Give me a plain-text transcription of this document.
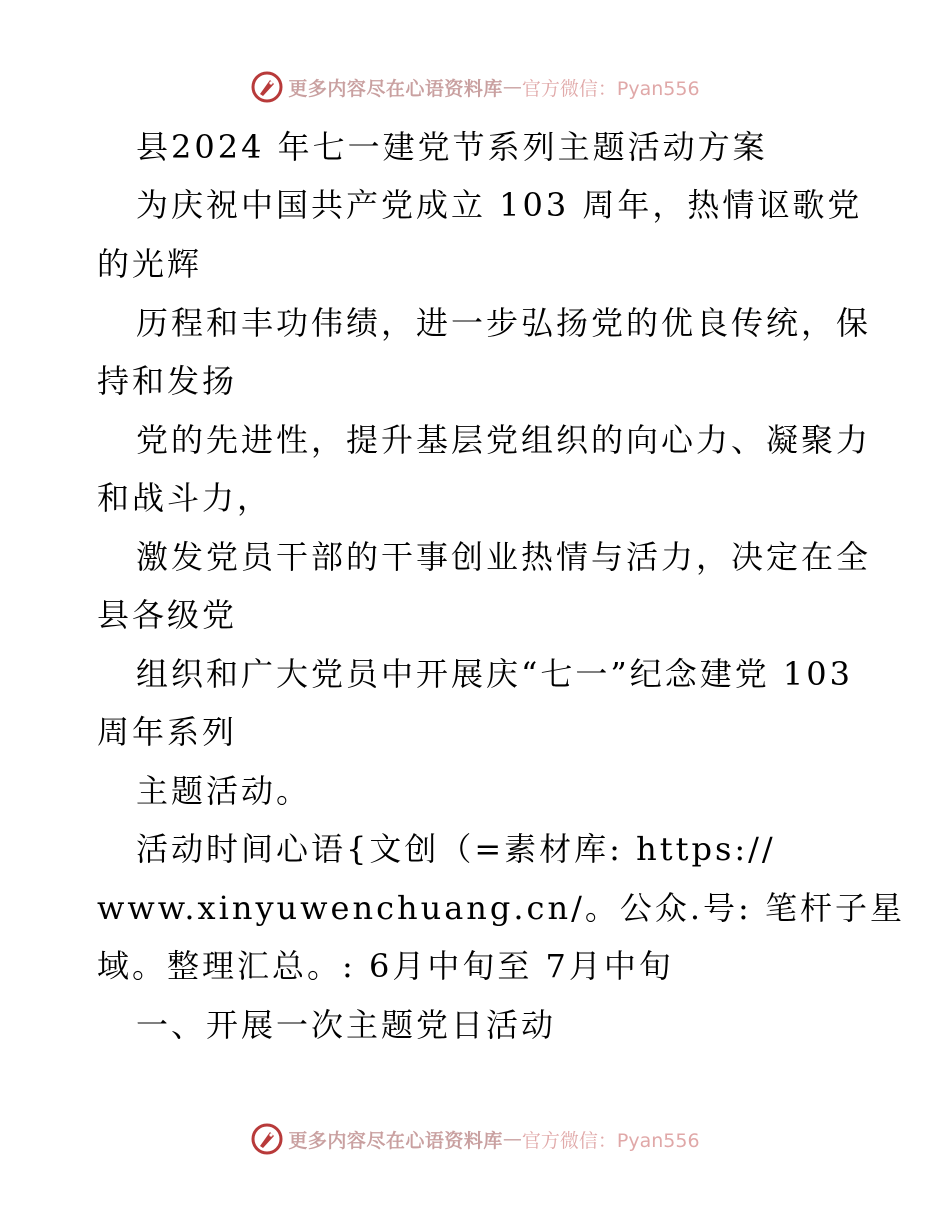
更多内容尽在心语资料库 — 官方微信：Pyan556
县2024 年七一建党节系列主题活动方案
为庆祝中国共产党成立 103 周年，热情讴歌党
的光辉
历程和丰功伟绩，进一步弘扬党的优良传统，保
持和发扬
党的先进性，提升基层党组织的向心力、凝聚力
和战斗力，
激发党员干部的干事创业热情与活力，决定在全
县各级党
组织和广大党员中开展庆“七一”纪念建党 103
周年系列
主题活动。
活动时间心语{文创（=素材库: https://
www.xinyuwenchuang.cn/。公众.号: 笔杆子星
域。整理汇总。: 6月中旬至 7月中旬
一、开展一次主题党日活动
更多内容尽在心语资料库 — 官方微信：Pyan556
